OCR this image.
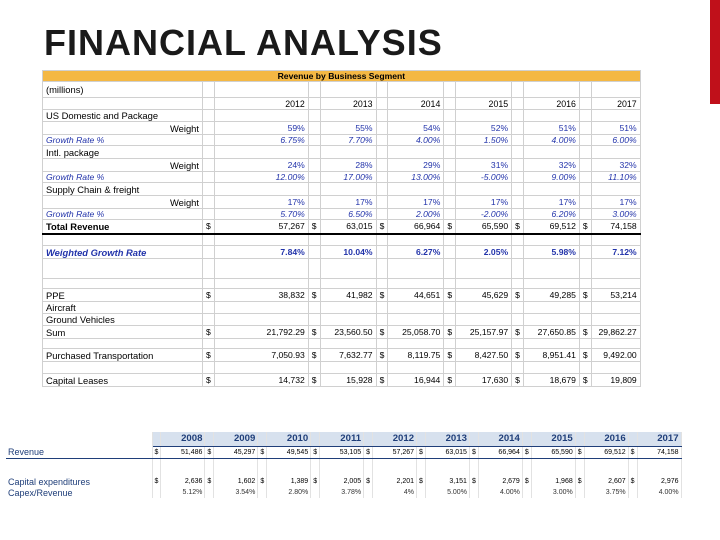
FINANCIAL ANALYSIS
Revenue by Business Segment												
(millions)												
		2012		2013		2014		2015		2016		2017
US Domestic and Package												
Weight		59%		55%		54%		52%		51%		51%
Growth Rate %		6.75%		7.70%		4.00%		1.50%		4.00%		6.00%
Intl. package												
Weight		24%		28%		29%		31%		32%		32%
Growth Rate %		12.00%		17.00%		13.00%		-5.00%		9.00%		11.10%
Supply Chain & freight												
Weight		17%		17%		17%		17%		17%		17%
Growth Rate %		5.70%		6.50%		2.00%		-2.00%		6.20%		3.00%
Total Revenue	$	57,267	$	63,015	$	66,964	$	65,590	$	69,512	$	74,158

Weighted Growth Rate		7.84%		10.04%		6.27%		2.05%		5.98%		7.12%

PPE	$	38,832	$	41,982	$	44,651	$	45,629	$	49,285	$	53,214
Aircraft												
Ground Vehicles												
Sum	$	21,792.29	$	23,560.50	$	25,058.70	$	25,157.97	$	27,650.85	$	29,862.27

Purchased Transportation	$	7,050.93	$	7,632.77	$	8,119.75	$	8,427.50	$	8,951.41	$	9,492.00

Capital Leases	$	14,732	$	15,928	$	16,944	$	17,630	$	18,679	$	19,809
		2008		2009		2010		2011		2012		2013		2014		2015		2016		2017
Revenue	$	51,486	$	45,297	$	49,545	$	53,105	$	57,267	$	63,015	$	66,964	$	65,590	$	69,512	$	74,158

Capital expenditures	$	2,636	$	1,602	$	1,389	$	2,005	$	2,201	$	3,151	$	2,679	$	1,968	$	2,607	$	2,976
Capex/Revenue		5.12%		3.54%		2.80%		3.78%		4%		5.00%		4.00%		3.00%		3.75%		4.00%
